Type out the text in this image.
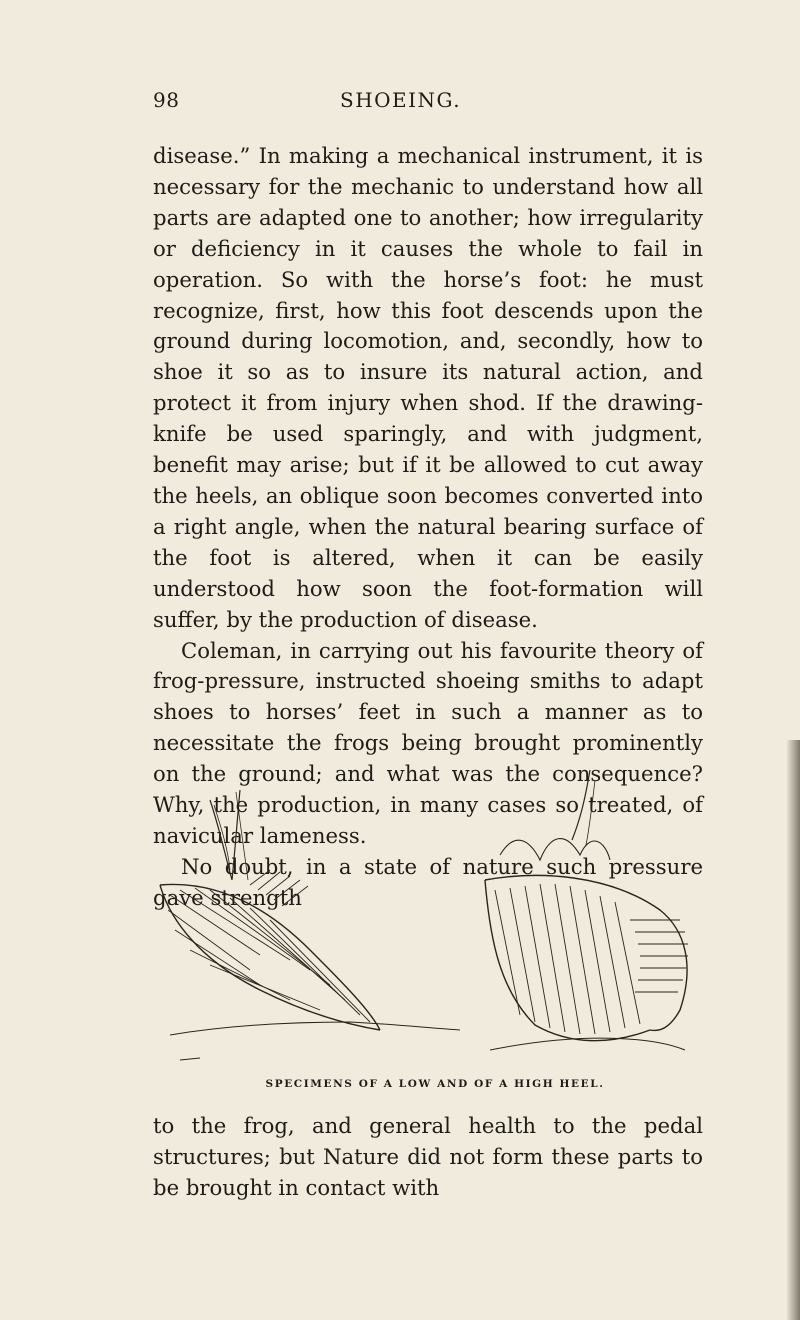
98	SHOEING.

disease.” In making a mechanical instrument, it is necessary for the mechanic to understand how all parts are adapted one to another; how irregularity or deficiency in it causes the whole to fail in operation. So with the horse’s foot: he must recognize, first, how this foot descends upon the ground during locomotion, and, secondly, how to shoe it so as to insure its natural action, and protect it from injury when shod. If the drawing-knife be used sparingly, and with judgment, benefit may arise; but if it be allowed to cut away the heels, an oblique soon becomes converted into a right angle, when the natural bearing surface of the foot is altered, when it can be easily understood how soon the foot-formation will suffer, by the production of disease.

Coleman, in carrying out his favourite theory of frog-pressure, instructed shoeing smiths to adapt shoes to horses’ feet in such a manner as to necessitate the frogs being brought prominently on the ground; and what was the consequence? Why, the production, in many cases so treated, of navicular lameness.

No doubt, in a state of nature such pressure gave strength

SPECIMENS OF A LOW AND OF A HIGH HEEL.

to the frog, and general health to the pedal structures; but Nature did not form these parts to be brought in contact with
